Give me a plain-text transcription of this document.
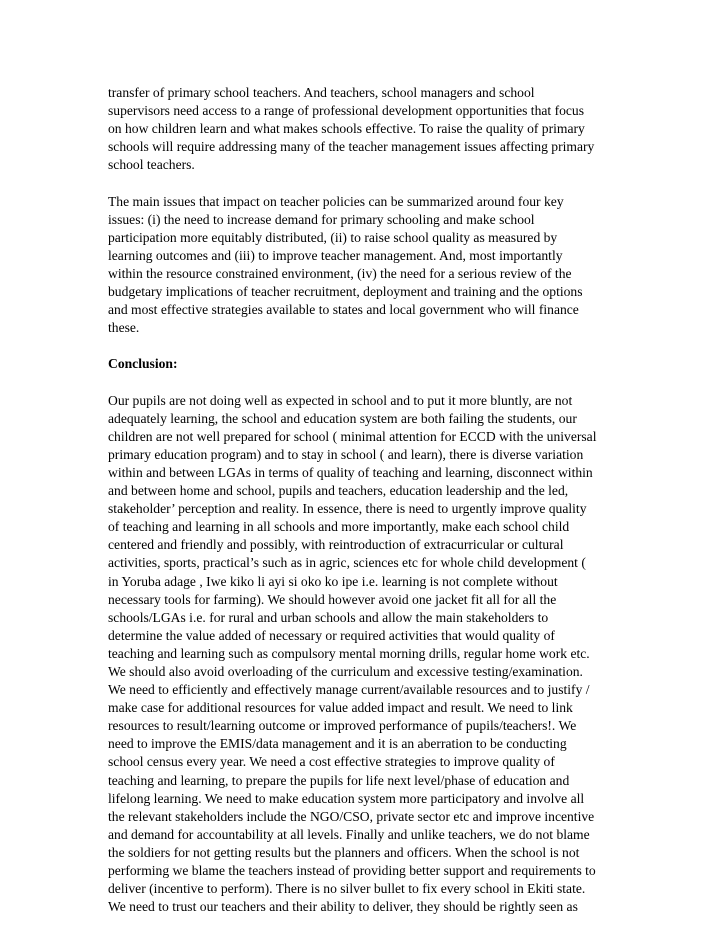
transfer of primary school teachers. And teachers, school managers and school

supervisors need access to a range of professional development opportunities that focus

on how children learn and what makes schools effective. To raise the quality of primary

schools will require addressing many of the teacher management issues affecting primary

school teachers.

The main issues that impact on teacher policies can be summarized around four key

issues: (i) the need to increase demand for primary schooling and make school

participation more equitably distributed, (ii) to raise school quality as measured by

learning outcomes and (iii) to improve teacher management. And, most importantly

within the resource constrained environment, (iv) the need for a serious review of the

budgetary implications of teacher recruitment, deployment and training and the options

and most effective strategies available to states and local government who will finance

these.

Conclusion:

Our pupils are not doing well as expected in school and to put it more bluntly, are not

adequately learning, the school and education system are both failing the students, our

children are not well prepared for school ( minimal attention for ECCD with the universal

primary education program) and to stay in school ( and learn), there is diverse variation

within and between LGAs in terms of quality of teaching and learning, disconnect within

and between home and school, pupils and teachers, education leadership and the led,

stakeholder’ perception and reality. In essence, there is need to urgently improve quality

of teaching and learning in all schools and more importantly, make each school child

centered and friendly and possibly, with reintroduction of extracurricular or cultural

activities, sports, practical’s such as in agric, sciences etc for whole child development (

in Yoruba adage , Iwe kiko li ayi si oko ko ipe i.e. learning is not complete without

necessary tools for farming). We should however avoid one jacket fit all for all the

schools/LGAs i.e. for rural and urban schools and allow the main stakeholders to

determine the value added of necessary or required activities that would quality of

teaching and learning such as compulsory mental morning drills, regular home work etc.

We should also avoid overloading of the curriculum and excessive testing/examination.

We need to efficiently and effectively manage current/available resources and to justify /

make case for additional resources for value added impact and result. We need to link

resources to result/learning outcome or improved performance of pupils/teachers!. We

need to improve the EMIS/data management and it is an aberration to be conducting

school census every year. We need a cost effective strategies to improve quality of

teaching and learning, to prepare the pupils for life next level/phase of education and

lifelong learning. We need to make education system more participatory and involve all

the relevant stakeholders include the NGO/CSO, private sector etc and improve incentive

and demand for accountability at all levels. Finally and unlike teachers, we do not blame

the soldiers for not getting results but the planners and officers. When the school is not

performing we blame the teachers instead of providing better support and requirements to

deliver (incentive to perform). There is no silver bullet to fix every school in Ekiti state.

We need to trust our teachers and their ability to deliver, they should be rightly seen as
